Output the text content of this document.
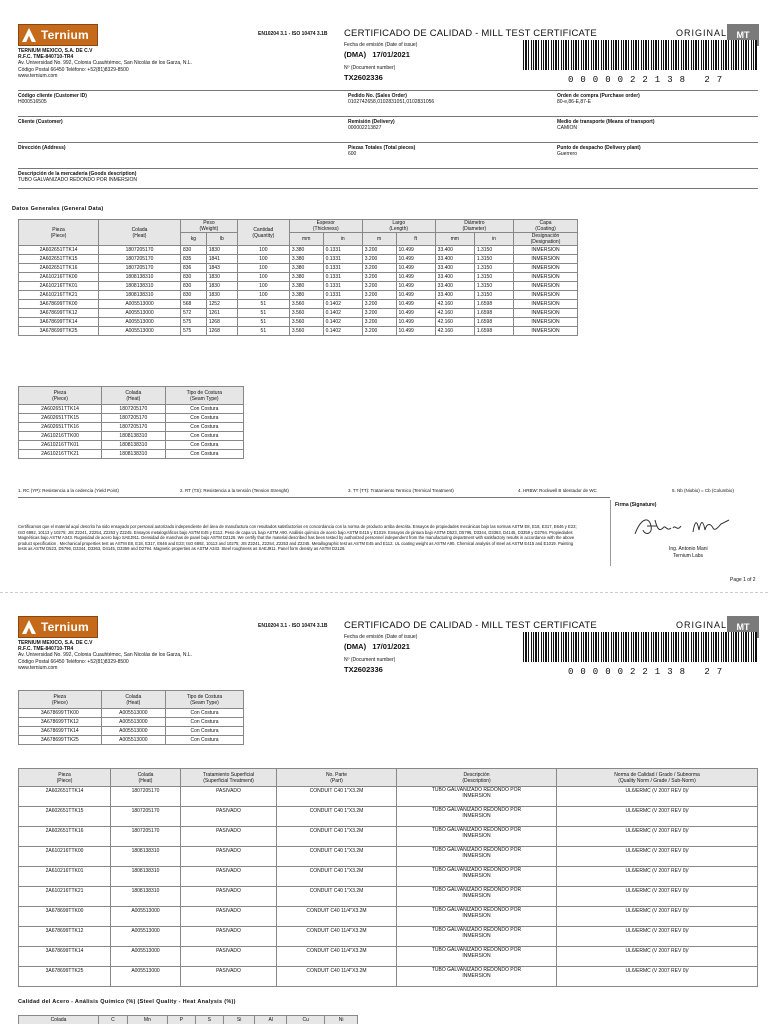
Ternium
TERNIUM MEXICO, S.A. DE C.V
R.F.C. TME-840710-TR4
Av. Universidad No. 992, Colonia Cuauhtémoc, San Nicolás de los Garza, N.L.
Código Postal 66450 Teléfono: +52(81)8329-8500
www.ternium.com
EN10204 3.1 - ISO 10474 3.1B CERTIFICADO DE CALIDAD - MILL TEST CERTIFICATE	ORIGINAL	MT
0000022138 27
Fecha de emisión (Date of issue)
(DMA) 17/01/2021
Nº (Document number)
TX2602336
Código cliente (Customer ID)
H000516505
Pedido No. (Sales Order)
0102742658,0102831051,0102831056
Orden de compra (Purchase order)
80-e,86-E,87-E
Cliente (Customer)	Remisión (Delivery)
000002213827
Medio de transporte (Means of transport)
CAMION
Dirección (Address)	Piezas Totales (Total pieces)
600
Punto de despacho (Delivery plant)
Guerrero
Descripción de la mercadería (Goods description)
TUBO GALVANIZADO REDONDO POR INMERSION
Datos Generales (General Data)
Pieza
(Piece)	Colada
(Heat)	Peso
(Weight)		Cantidad
(Quantity)	Espesor
(Thickness)		Largo
(Length)		Diámetro
(Diameter)		Capa
(Coating)
		kg	lb		mm	in	m	ft	mm	in	Designación
(Designation)
2A602651TTK14	1807205170	830	1830	100	3.380	0.1331	3.200	10.499	33.400	1.3150	INMERSION
2A602651TTK15	1807205170	835	1841	100	3.380	0.1331	3.200	10.499	33.400	1.3150	INMERSION
2A602651TTK16	1807205170	836	1843	100	3.380	0.1331	3.200	10.499	33.400	1.3150	INMERSION
2A610216TTK00	1808138310	830	1830	100	3.380	0.1331	3.200	10.499	33.400	1.3150	INMERSION
2A610216TTK01	1808138310	830	1830	100	3.380	0.1331	3.200	10.499	33.400	1.3150	INMERSION
2A610216TTK21	1808138310	830	1830	100	3.380	0.1331	3.200	10.499	33.400	1.3150	INMERSION
3A678699TTK00	A005513000	568	1252	51	3.560	0.1402	3.200	10.499	42.160	1.6598	INMERSION
3A678699TTK12	A005513000	572	1261	51	3.560	0.1402	3.200	10.499	42.160	1.6598	INMERSION
3A678699TTK14	A005513000	575	1268	51	3.560	0.1402	3.200	10.499	42.160	1.6598	INMERSION
3A678699TTK25	A005513000	575	1268	51	3.560	0.1402	3.200	10.499	42.160	1.6598	INMERSION
Pieza
(Piece)	Colada
(Heat)	Tipo de Costura
(Seam Type)
2A602651TTK14	1807205170	Con Costura
2A602651TTK15	1807205170	Con Costura
2A602651TTK16	1807205170	Con Costura
2A610216TTK00	1808138310	Con Costura
2A610216TTK01	1808138310	Con Costura
2A610216TTK21	1808138310	Con Costura
1. RC (YP): Resistencia a la cedencia (Yield Point)	2. RT (TS): Resistencia a la tensión (Tension Strenght)	3. TT (TT): Tratamiento Termico (Termical Treatment)	4. HRBW: Rockwell B Identador de WC	5. Nb (Niobio) = Cb (Columbio)
Certificamos que el material aquí descrito ha sido ensayado por personal autorizado independiente del área de manufactura con resultados satisfactorios en concordancia con la norma de producto arriba descrita. Ensayos de propiedades mecánicas bajo las normas ASTM E8, E18, E317, E646 y E23; ISO 6892, 10113 y 10275; JIS Z2241, Z2254, Z2253 y Z2245. Ensayos metalográficos bajo ASTM E45 y E112. Peso de capa UL bajo ASTM A90. Análisis químico de acero bajo ASTM E415 y E1019. Ensayos de pintura bajo ASTM D523, D5796, D3344, D3363, D4145, D3359 y D2794. Propiedades Magnéticas bajo ASTM A343. Rugosidad de acero bajo SAEJ911. Densidad de manchas de panel bajo ASTM D2126. We certify that the material described has been tested by authorized personnel independent from the manufacturing department with satisfactory results in accordance with the above product specification . Mechanical properties test as ASTM E8, E18, E317, E646 and E23; ISO 6892, 10113 and 10275; JIS Z2241, Z2254, Z2253 and Z2245. Metallographic test as ASTM E45 and E112. UL coating weight as ASTM A90. Chemical analysis of steel as ASTM E415 and E1019. Painting tests as ASTM D523, D5796, D3344, D3363, D4145, D3359 and D2794. Magnetic properties as ASTM A343. Steel roughness as SAEJ911. Panel form density as ASTM D2126.
Firma (Signature)
Ing. Antonio Mani
Ternium Labs
Page 1 of 2
Ternium
TERNIUM MEXICO, S.A. DE C.V
R.F.C. TME-840710-TR4
Av. Universidad No. 992, Colonia Cuauhtémoc, San Nicolás de los Garza, N.L.
Código Postal 66450 Teléfono: +52(81)8329-8500
www.ternium.com
EN10204 3.1 - ISO 10474 3.1B CERTIFICADO DE CALIDAD - MILL TEST CERTIFICATE	ORIGINAL	MT
0000022138 27
Fecha de emisión (Date of issue)
(DMA) 17/01/2021
Nº (Document number)
TX2602336
Pieza
(Piece)	Colada
(Heat)	Tipo de Costura
(Seam Type)
3A678699TTK00	A005513000	Con Costura
3A678699TTK12	A005513000	Con Costura
3A678699TTK14	A005513000	Con Costura
3A678699TTK25	A005513000	Con Costura
Pieza
(Piece)	Colada
(Heat)	Tratamiento Superficial
(Superficial Treatment)	No. Parte
(Part)	Descripción
(Description)	Norma de Calidad / Grado / Subnorma
(Quality Norm / Grade / Sub-Norm)
2A602651TTK14	1807205170	PASIVADO	CONDUIT C40 1"X3.2M	TUBO GALVANIZADO REDONDO POR
INMERSION	UL6/ERMC (V 2007 REV 0)/
2A602651TTK15	1807205170	PASIVADO	CONDUIT C40 1"X3.2M	TUBO GALVANIZADO REDONDO POR
INMERSION	UL6/ERMC (V 2007 REV 0)/
2A602651TTK16	1807205170	PASIVADO	CONDUIT C40 1"X3.2M	TUBO GALVANIZADO REDONDO POR
INMERSION	UL6/ERMC (V 2007 REV 0)/
2A610216TTK00	1808138310	PASIVADO	CONDUIT C40 1"X3.2M	TUBO GALVANIZADO REDONDO POR
INMERSION	UL6/ERMC (V 2007 REV 0)/
2A610216TTK01	1808138310	PASIVADO	CONDUIT C40 1"X3.2M	TUBO GALVANIZADO REDONDO POR
INMERSION	UL6/ERMC (V 2007 REV 0)/
2A610216TTK21	1808138310	PASIVADO	CONDUIT C40 1"X3.2M	TUBO GALVANIZADO REDONDO POR
INMERSION	UL6/ERMC (V 2007 REV 0)/
3A678699TTK00	A005513000	PASIVADO	CONDUIT C40 11/4"X3.2M	TUBO GALVANIZADO REDONDO POR
INMERSION	UL6/ERMC (V 2007 REV 0)/
3A678699TTK12	A005513000	PASIVADO	CONDUIT C40 11/4"X3.2M	TUBO GALVANIZADO REDONDO POR
INMERSION	UL6/ERMC (V 2007 REV 0)/
3A678699TTK14	A005513000	PASIVADO	CONDUIT C40 11/4"X3.2M	TUBO GALVANIZADO REDONDO POR
INMERSION	UL6/ERMC (V 2007 REV 0)/
3A678699TTK25	A005513000	PASIVADO	CONDUIT C40 11/4"X3.2M	TUBO GALVANIZADO REDONDO POR
INMERSION	UL6/ERMC (V 2007 REV 0)/
Calidad del Acero - Análisis Químico (%) (Steel Quality - Heat Analysis (%))
Colada	C	Mn	P	S	Si	Al	Cu	Ni
